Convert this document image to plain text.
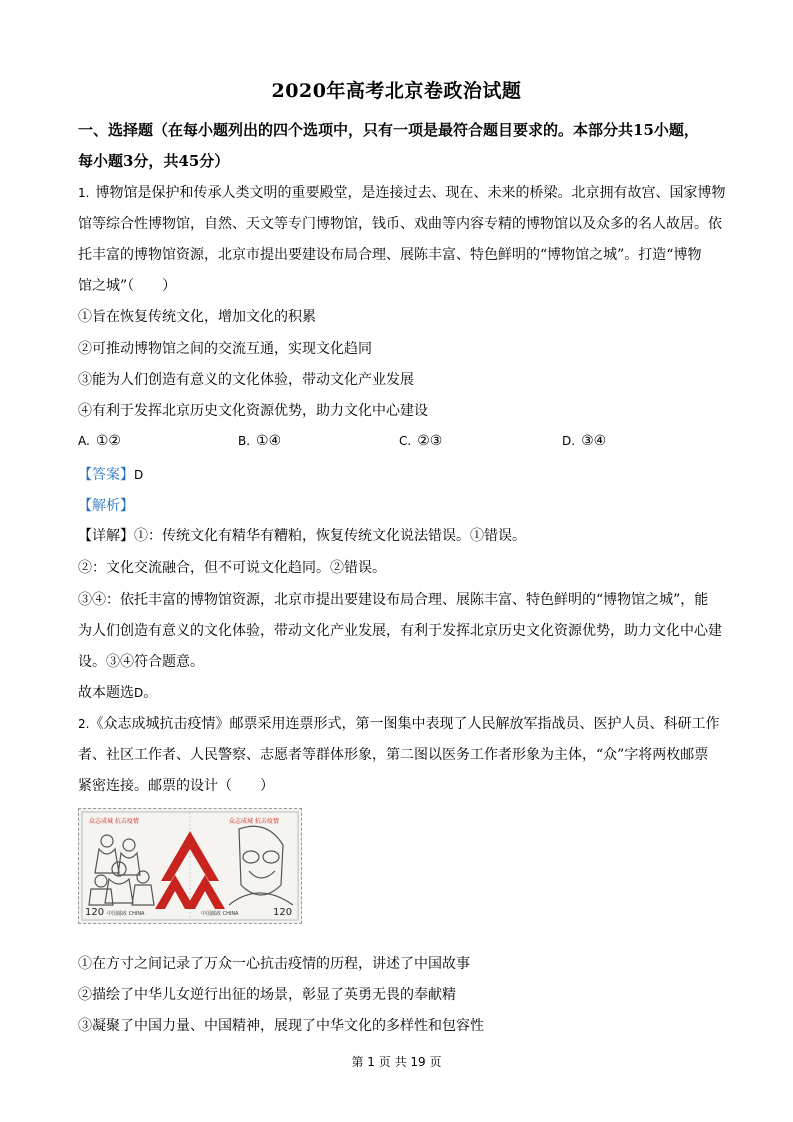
2020年高考北京卷政治试题
一、选择题（在每小题列出的四个选项中，只有一项是最符合题目要求的。本部分共15小题，
每小题3分，共45分）
1. 博物馆是保护和传承人类文明的重要殿堂，是连接过去、现在、未来的桥梁。北京拥有故宫、国家博物
馆等综合性博物馆，自然、天文等专门博物馆，钱币、戏曲等内容专精的博物馆以及众多的名人故居。依
托丰富的博物馆资源，北京市提出要建设布局合理、展陈丰富、特色鲜明的“博物馆之城”。打造“博物
馆之城”（　　）
①旨在恢复传统文化，增加文化的积累
②可推动博物馆之间的交流互通，实现文化趋同
③能为人们创造有意义的文化体验，带动文化产业发展
④有利于发挥北京历史文化资源优势，助力文化中心建设
A. ①②	B. ①④	C. ②③	D. ③④
【答案】D
【解析】
【详解】①：传统文化有精华有糟粕，恢复传统文化说法错误。①错误。
②：文化交流融合，但不可说文化趋同。②错误。
③④：依托丰富的博物馆资源，北京市提出要建设布局合理、展陈丰富、特色鲜明的“博物馆之城”，能
为人们创造有意义的文化体验，带动文化产业发展，有利于发挥北京历史文化资源优势，助力文化中心建
设。③④符合题意。
故本题选D。
2.《众志成城抗击疫情》邮票采用连票形式，第一图集中表现了人民解放军指战员、医护人员、科研工作
者、社区工作者、人民警察、志愿者等群体形象，第二图以医务工作者形象为主体，“众”字将两枚邮票
紧密连接。邮票的设计（　　）
众志成城 抗击疫情	众志成城 抗击疫情
120	120
中国邮政 CHINA	中国邮政 CHINA
①在方寸之间记录了万众一心抗击疫情的历程，讲述了中国故事
②描绘了中华儿女逆行出征的场景，彰显了英勇无畏的奉献精
③凝聚了中国力量、中国精神，展现了中华文化的多样性和包容性
第 1 页 共 19 页
